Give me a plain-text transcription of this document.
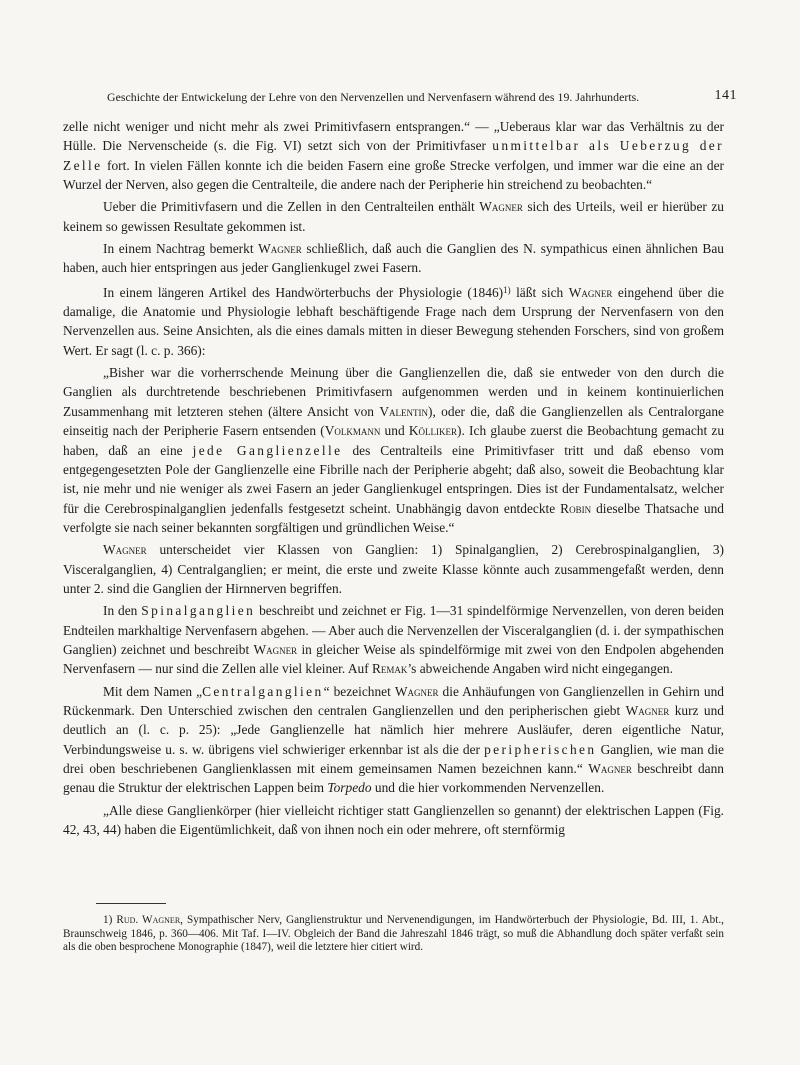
Geschichte der Entwickelung der Lehre von den Nervenzellen und Nervenfasern während des 19. Jahrhunderts.	141

zelle nicht weniger und nicht mehr als zwei Primitivfasern entsprangen.“ — „Ueberaus klar war das Verhältnis zu der Hülle. Die Nervenscheide (s. die Fig. VI) setzt sich von der Primitivfaser unmittelbar als Ueberzug der Zelle fort. In vielen Fällen konnte ich die beiden Fasern eine große Strecke verfolgen, und immer war die eine an der Wurzel der Nerven, also gegen die Centralteile, die andere nach der Peripherie hin streichend zu beobachten.“

Ueber die Primitivfasern und die Zellen in den Centralteilen enthält Wagner sich des Urteils, weil er hierüber zu keinem so gewissen Resultate gekommen ist.

In einem Nachtrag bemerkt Wagner schließlich, daß auch die Ganglien des N. sympathicus einen ähnlichen Bau haben, auch hier entspringen aus jeder Ganglienkugel zwei Fasern.

In einem längeren Artikel des Handwörterbuchs der Physiologie $(1846)^{1)}$ läßt sich Wagner eingehend über die damalige, die Anatomie und Physiologie lebhaft beschäftigende Frage nach dem Ursprung der Nervenfasern von den Nervenzellen aus. Seine Ansichten, als die eines damals mitten in dieser Bewegung stehenden Forschers, sind von großem Wert. Er sagt (l. c. p. 366):

„Bisher war die vorherrschende Meinung über die Ganglienzellen die, daß sie entweder von den durch die Ganglien als durchtretende beschriebenen Primitivfasern aufgenommen werden und in keinem kontinuierlichen Zusammenhang mit letzteren stehen (ältere Ansicht von Valentin), oder die, daß die Ganglienzellen als Centralorgane einseitig nach der Peripherie Fasern entsenden (Volkmann und Kölliker). Ich glaube zuerst die Beobachtung gemacht zu haben, daß an eine jede Ganglienzelle des Centralteils eine Primitivfaser tritt und daß ebenso vom entgegengesetzten Pole der Ganglienzelle eine Fibrille nach der Peripherie abgeht; daß also, soweit die Beobachtung klar ist, nie mehr und nie weniger als zwei Fasern an jeder Ganglienkugel entspringen. Dies ist der Fundamentalsatz, welcher für die Cerebrospinalganglien jedenfalls festgesetzt scheint. Unabhängig davon entdeckte Robin dieselbe Thatsache und verfolgte sie nach seiner bekannten sorgfältigen und gründlichen Weise.“

Wagner unterscheidet vier Klassen von Ganglien: 1) Spinalganglien, 2) Cerebrospinalganglien, 3) Visceralganglien, 4) Centralganglien; er meint, die erste und zweite Klasse könnte auch zusammengefaßt werden, denn unter 2. sind die Ganglien der Hirnnerven begriffen.

In den Spinalganglien beschreibt und zeichnet er Fig. 1—31 spindelförmige Nervenzellen, von deren beiden Endteilen markhaltige Nervenfasern abgehen. — Aber auch die Nervenzellen der Visceralganglien (d. i. der sympathischen Ganglien) zeichnet und beschreibt Wagner in gleicher Weise als spindelförmige mit zwei von den Endpolen abgehenden Nervenfasern — nur sind die Zellen alle viel kleiner. Auf Remak’s abweichende Angaben wird nicht eingegangen.

Mit dem Namen „Centralganglien“ bezeichnet Wagner die Anhäufungen von Ganglienzellen in Gehirn und Rückenmark. Den Unterschied zwischen den centralen Ganglienzellen und den peripherischen giebt Wagner kurz und deutlich an (l. c. p. 25): „Jede Ganglienzelle hat nämlich hier mehrere Ausläufer, deren eigentliche Natur, Verbindungsweise u. s. w. übrigens viel schwieriger erkennbar ist als die der peripherischen Ganglien, wie man die drei oben beschriebenen Ganglienklassen mit einem gemeinsamen Namen bezeichnen kann.“ Wagner beschreibt dann genau die Struktur der elektrischen Lappen beim Torpedo und die hier vorkommenden Nervenzellen.

„Alle diese Ganglienkörper (hier vielleicht richtiger statt Ganglienzellen so genannt) der elektrischen Lappen (Fig. 42, 43, 44) haben die Eigentümlichkeit, daß von ihnen noch ein oder mehrere, oft sternförmig

1) Rud. Wagner, Sympathischer Nerv, Ganglienstruktur und Nervenendigungen, im Handwörterbuch der Physiologie, Bd. III, 1. Abt., Braunschweig 1846, p. 360—406. Mit Taf. I—IV. Obgleich der Band die Jahreszahl 1846 trägt, so muß die Abhandlung doch später verfaßt sein als die oben besprochene Monographie (1847), weil die letztere hier citiert wird.
